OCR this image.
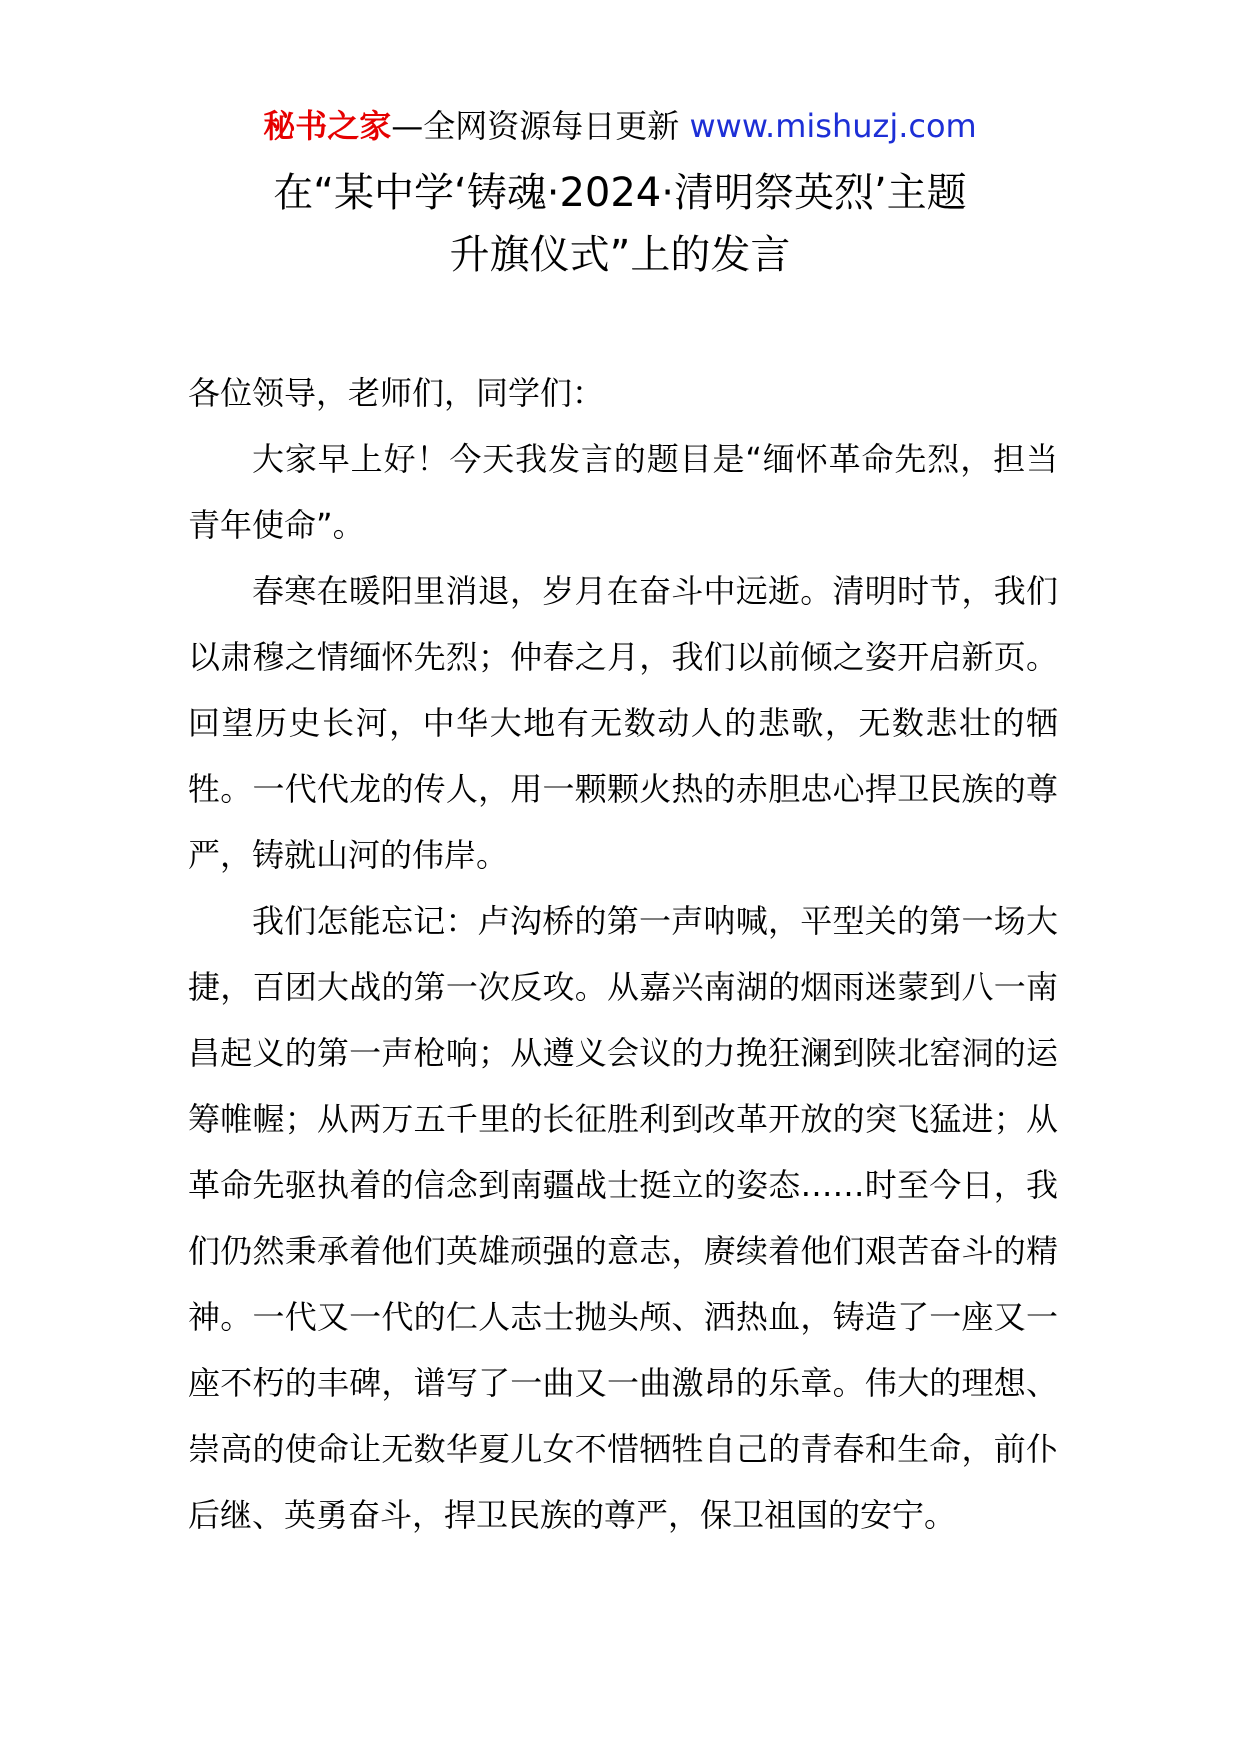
秘书之家—全网资源每日更新 www.mishuzj.com
在“某中学‘铸魂·2024·清明祭英烈’主题
升旗仪式”上的发言

各位领导，老师们，同学们：

大家早上好！今天我发言的题目是“缅怀革命先烈，担当青年使命”。

春寒在暖阳里消退，岁月在奋斗中远逝。清明时节，我们以肃穆之情缅怀先烈；仲春之月，我们以前倾之姿开启新页。回望历史长河，中华大地有无数动人的悲歌，无数悲壮的牺牲。一代代龙的传人，用一颗颗火热的赤胆忠心捍卫民族的尊严，铸就山河的伟岸。

我们怎能忘记：卢沟桥的第一声呐喊，平型关的第一场大捷，百团大战的第一次反攻。从嘉兴南湖的烟雨迷蒙到八一南昌起义的第一声枪响；从遵义会议的力挽狂澜到陕北窑洞的运筹帷幄；从两万五千里的长征胜利到改革开放的突飞猛进；从革命先驱执着的信念到南疆战士挺立的姿态……时至今日，我们仍然秉承着他们英雄顽强的意志，赓续着他们艰苦奋斗的精神。一代又一代的仁人志士抛头颅、洒热血，铸造了一座又一座不朽的丰碑，谱写了一曲又一曲激昂的乐章。伟大的理想、崇高的使命让无数华夏儿女不惜牺牲自己的青春和生命，前仆后继、英勇奋斗，捍卫民族的尊严，保卫祖国的安宁。
